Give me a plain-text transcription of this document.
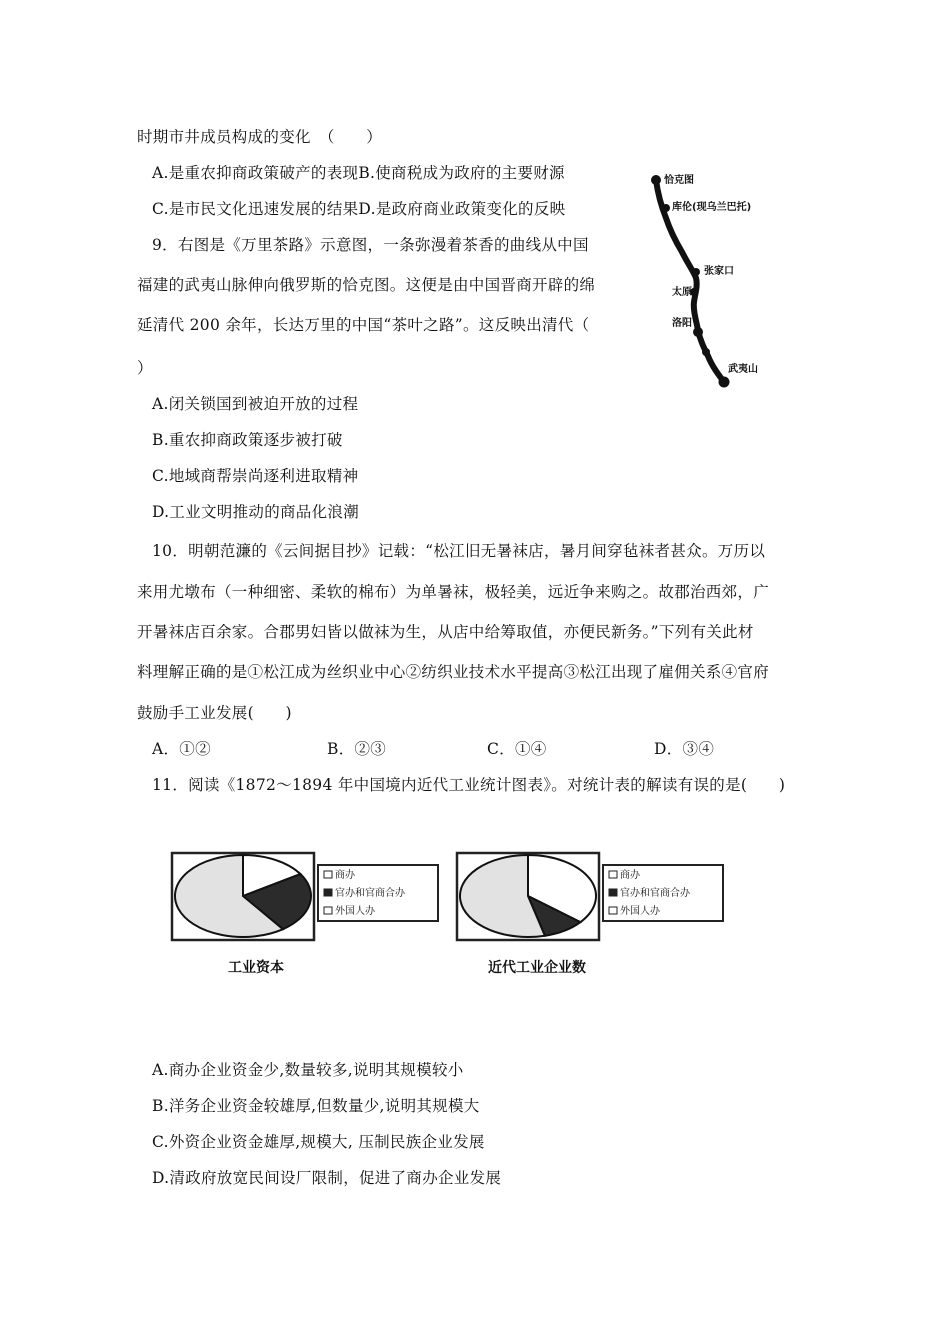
时期市井成员构成的变化　（　　）
A.是重农抑商政策破产的表现B.使商税成为政府的主要财源
C.是市民文化迅速发展的结果D.是政府商业政策变化的反映
9．右图是《万里茶路》示意图，一条弥漫着茶香的曲线从中国
福建的武夷山脉伸向俄罗斯的恰克图。这便是由中国晋商开辟的绵
延清代 200 余年，长达万里的中国“茶叶之路”。这反映出清代（
）
A.闭关锁国到被迫开放的过程
B.重农抑商政策逐步被打破
C.地域商帮崇尚逐利进取精神
D.工业文明推动的商品化浪潮
恰克图
库伦(现乌兰巴托)
张家口
太原
洛阳
武夷山
10．明朝范濂的《云间据目抄》记载：“松江旧无暑袜店，暑月间穿毡袜者甚众。万历以
来用尤墩布（一种细密、柔软的棉布）为单暑袜，极轻美，远近争来购之。故郡治西郊，广
开暑袜店百余家。合郡男妇皆以做袜为生，从店中给筹取值，亦便民新务。”下列有关此材
料理解正确的是①松江成为丝织业中心②纺织业技术水平提高③松江出现了雇佣关系④官府
鼓励手工业发展(　　)
A．①②	B．②③	C．①④	D．③④
11．阅读《1872～1894 年中国境内近代工业统计图表》。对统计表的解读有误的是(　　)
商办
官办和官商合办
外国人办
工业资本
商办
官办和官商合办
外国人办
近代工业企业数
A.商办企业资金少,数量较多,说明其规模较小
B.洋务企业资金较雄厚,但数量少,说明其规模大
C.外资企业资金雄厚,规模大, 压制民族企业发展
D.清政府放宽民间设厂限制，促进了商办企业发展
